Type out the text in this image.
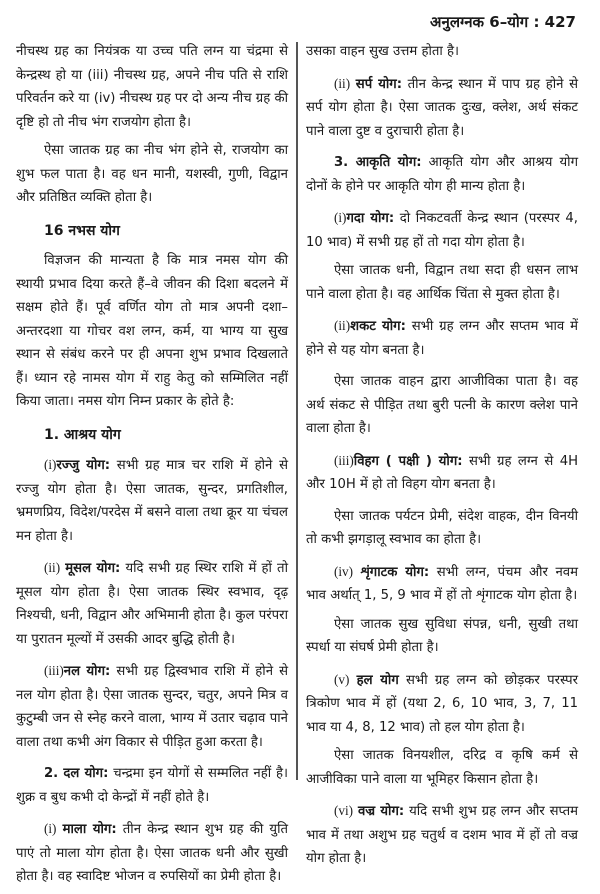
अनुलग्नक 6–योग : 427

नीचस्थ ग्रह का नियंत्रक या उच्च पति लग्न या चंद्रमा से केन्द्रस्थ हो या (iii) नीचस्थ ग्रह, अपने नीच पति से राशि परिवर्तन करे या (iv) नीचस्थ ग्रह पर दो अन्य नीच ग्रह की दृष्टि हो तो नीच भंग राजयोग होता है।

ऐसा जातक ग्रह का नीच भंग होने से, राजयोग का शुभ फल पाता है। वह धन मानी, यशस्वी, गुणी, विद्वान और प्रतिष्ठित व्यक्ति होता है।

16 नभस योग

विज्ञजन की मान्यता है कि मात्र नमस योग की स्थायी प्रभाव दिया करते हैं–वे जीवन की दिशा बदलने में सक्षम होते हैं। पूर्व वर्णित योग तो मात्र अपनी दशा–अन्तरदशा या गोचर वश लग्न, कर्म, या भाग्य या सुख स्थान से संबंध करने पर ही अपना शुभ प्रभाव दिखलाते हैं। ध्यान रहे नामस योग में राहु केतु को सम्मिलित नहीं किया जाता। नमस योग निम्न प्रकार के होते है:

1. आश्रय योग

(i)रज्जु योग: सभी ग्रह मात्र चर राशि में होने से रज्जु योग होता है। ऐसा जातक, सुन्दर, प्रगतिशील, भ्रमणप्रिय, विदेश/परदेस में बसने वाला तथा क्रूर या चंचल मन होता है।

(ii) मूसल योग: यदि सभी ग्रह स्थिर राशि में हों तो मूसल योग होता है। ऐसा जातक स्थिर स्वभाव, दृढ़ निश्यची, धनी, विद्वान और अभिमानी होता है। कुल परंपरा या पुरातन मूल्यों में उसकी आदर बुद्धि होती है।

(iii)नल योग: सभी ग्रह द्विस्वभाव राशि में होने से नल योग होता है। ऐसा जातक सुन्दर, चतुर, अपने मित्र व कुटुम्बी जन से स्नेह करने वाला, भाग्य में उतार चढ़ाव पाने वाला तथा कभी अंग विकार से पीड़ित हुआ करता है।

2. दल योग: चन्द्रमा इन योगों से सम्मलित नहीं है। शुक्र व बुध कभी दो केन्द्रों में नहीं होते है।

(i) माला योग: तीन केन्द्र स्थान शुभ ग्रह की युति पाएं तो माला योग होता है। ऐसा जातक धनी और सुखी होता है। वह स्वादिष्ट भोजन व रुपसियों का प्रेमी होता है।

उसका वाहन सुख उत्तम होता है।

(ii) सर्प योग: तीन केन्द्र स्थान में पाप ग्रह होने से सर्प योग होता है। ऐसा जातक दुःख, क्लेश, अर्थ संकट पाने वाला दुष्ट व दुराचारी होता है।

3. आकृति योग: आकृति योग और आश्रय योग दोनों के होने पर आकृति योग ही मान्य होता है।

(i)गदा योग: दो निकटवर्ती केन्द्र स्थान (परस्पर 4, 10 भाव) में सभी ग्रह हों तो गदा योग होता है।

ऐसा जातक धनी, विद्वान तथा सदा ही धसन लाभ पाने वाला होता है। वह आर्थिक चिंता से मुक्त होता है।

(ii)शकट योग: सभी ग्रह लग्न और सप्तम भाव में होने से यह योग बनता है।

ऐसा जातक वाहन द्वारा आजीविका पाता है। वह अर्थ संकट से पीड़ित तथा बुरी पत्नी के कारण क्लेश पाने वाला होता है।

(iii)विहग ( पक्षी ) योग: सभी ग्रह लग्न से 4H और 10H में हो तो विहग योग बनता है।

ऐसा जातक पर्यटन प्रेमी, संदेश वाहक, दीन विनयी तो कभी झगड़ालू स्वभाव का होता है।

(iv) शृंगाटक योग: सभी लग्न, पंचम और नवम भाव अर्थात् 1, 5, 9 भाव में हों तो शृंगाटक योग होता है।

ऐसा जातक सुख सुविधा संपन्न, धनी, सुखी तथा स्पर्धा या संघर्ष प्रेमी होता है।

(v) हल योग सभी ग्रह लग्न को छोड़कर परस्पर त्रिकोण भाव में हों (यथा 2, 6, 10 भाव, 3, 7, 11 भाव या 4, 8, 12 भाव) तो हल योग होता है।

ऐसा जातक विनयशील, दरिद्र व कृषि कर्म से आजीविका पाने वाला या भूमिहर किसान होता है।

(vi) वज्र योग: यदि सभी शुभ ग्रह लग्न और सप्तम भाव में तथा अशुभ ग्रह चतुर्थ व दशम भाव में हों तो वज्र योग होता है।
